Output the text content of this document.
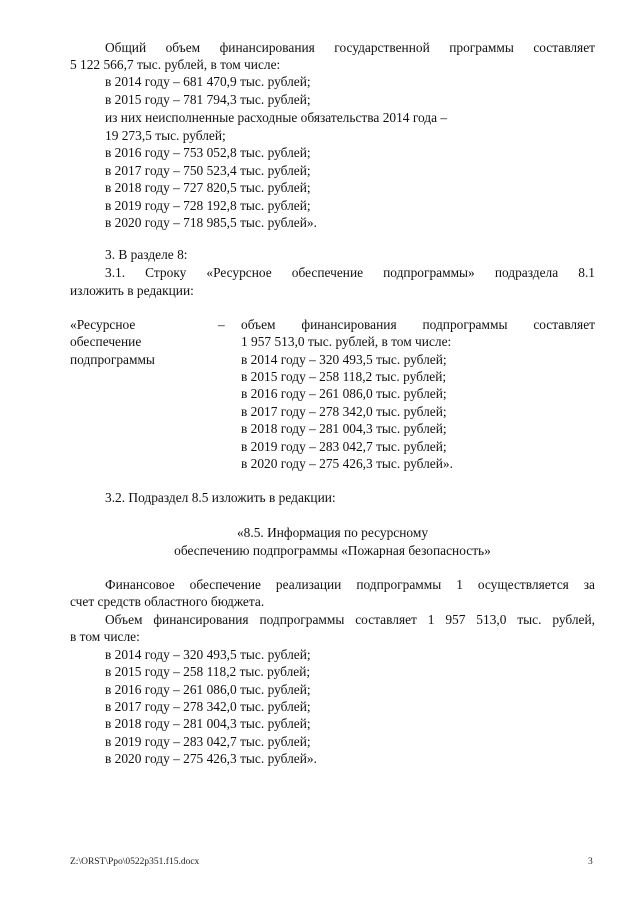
Общий объем финансирования государственной программы составляет
5 122 566,7 тыс. рублей, в том числе:
в 2014 году – 681 470,9 тыс. рублей;
в 2015 году – 781 794,3 тыс. рублей;
из них неисполненные расходные обязательства 2014 года –
19 273,5 тыс. рублей;
в 2016 году – 753 052,8 тыс. рублей;
в 2017 году – 750 523,4 тыс. рублей;
в 2018 году – 727 820,5 тыс. рублей;
в 2019 году – 728 192,8 тыс. рублей;
в 2020 году – 718 985,5 тыс. рублей».
3. В разделе 8:
3.1. Строку «Ресурсное обеспечение подпрограммы» подраздела 8.1
изложить в редакции:
«Ресурсное
обеспечение
подпрограммы
– объем финансирования подпрограммы составляет
1 957 513,0 тыс. рублей, в том числе:
в 2014 году – 320 493,5 тыс. рублей;
в 2015 году – 258 118,2 тыс. рублей;
в 2016 году – 261 086,0 тыс. рублей;
в 2017 году – 278 342,0 тыс. рублей;
в 2018 году – 281 004,3 тыс. рублей;
в 2019 году – 283 042,7 тыс. рублей;
в 2020 году – 275 426,3 тыс. рублей».
3.2. Подраздел 8.5 изложить в редакции:
«8.5. Информация по ресурсному
обеспечению подпрограммы «Пожарная безопасность»
Финансовое обеспечение реализации подпрограммы 1 осуществляется за
счет средств областного бюджета.
Объем финансирования подпрограммы составляет 1 957 513,0 тыс. рублей,
в том числе:
в 2014 году – 320 493,5 тыс. рублей;
в 2015 году – 258 118,2 тыс. рублей;
в 2016 году – 261 086,0 тыс. рублей;
в 2017 году – 278 342,0 тыс. рублей;
в 2018 году – 281 004,3 тыс. рублей;
в 2019 году – 283 042,7 тыс. рублей;
в 2020 году – 275 426,3 тыс. рублей».
Z:\ORST\Ppo\0522p351.f15.docx	3
